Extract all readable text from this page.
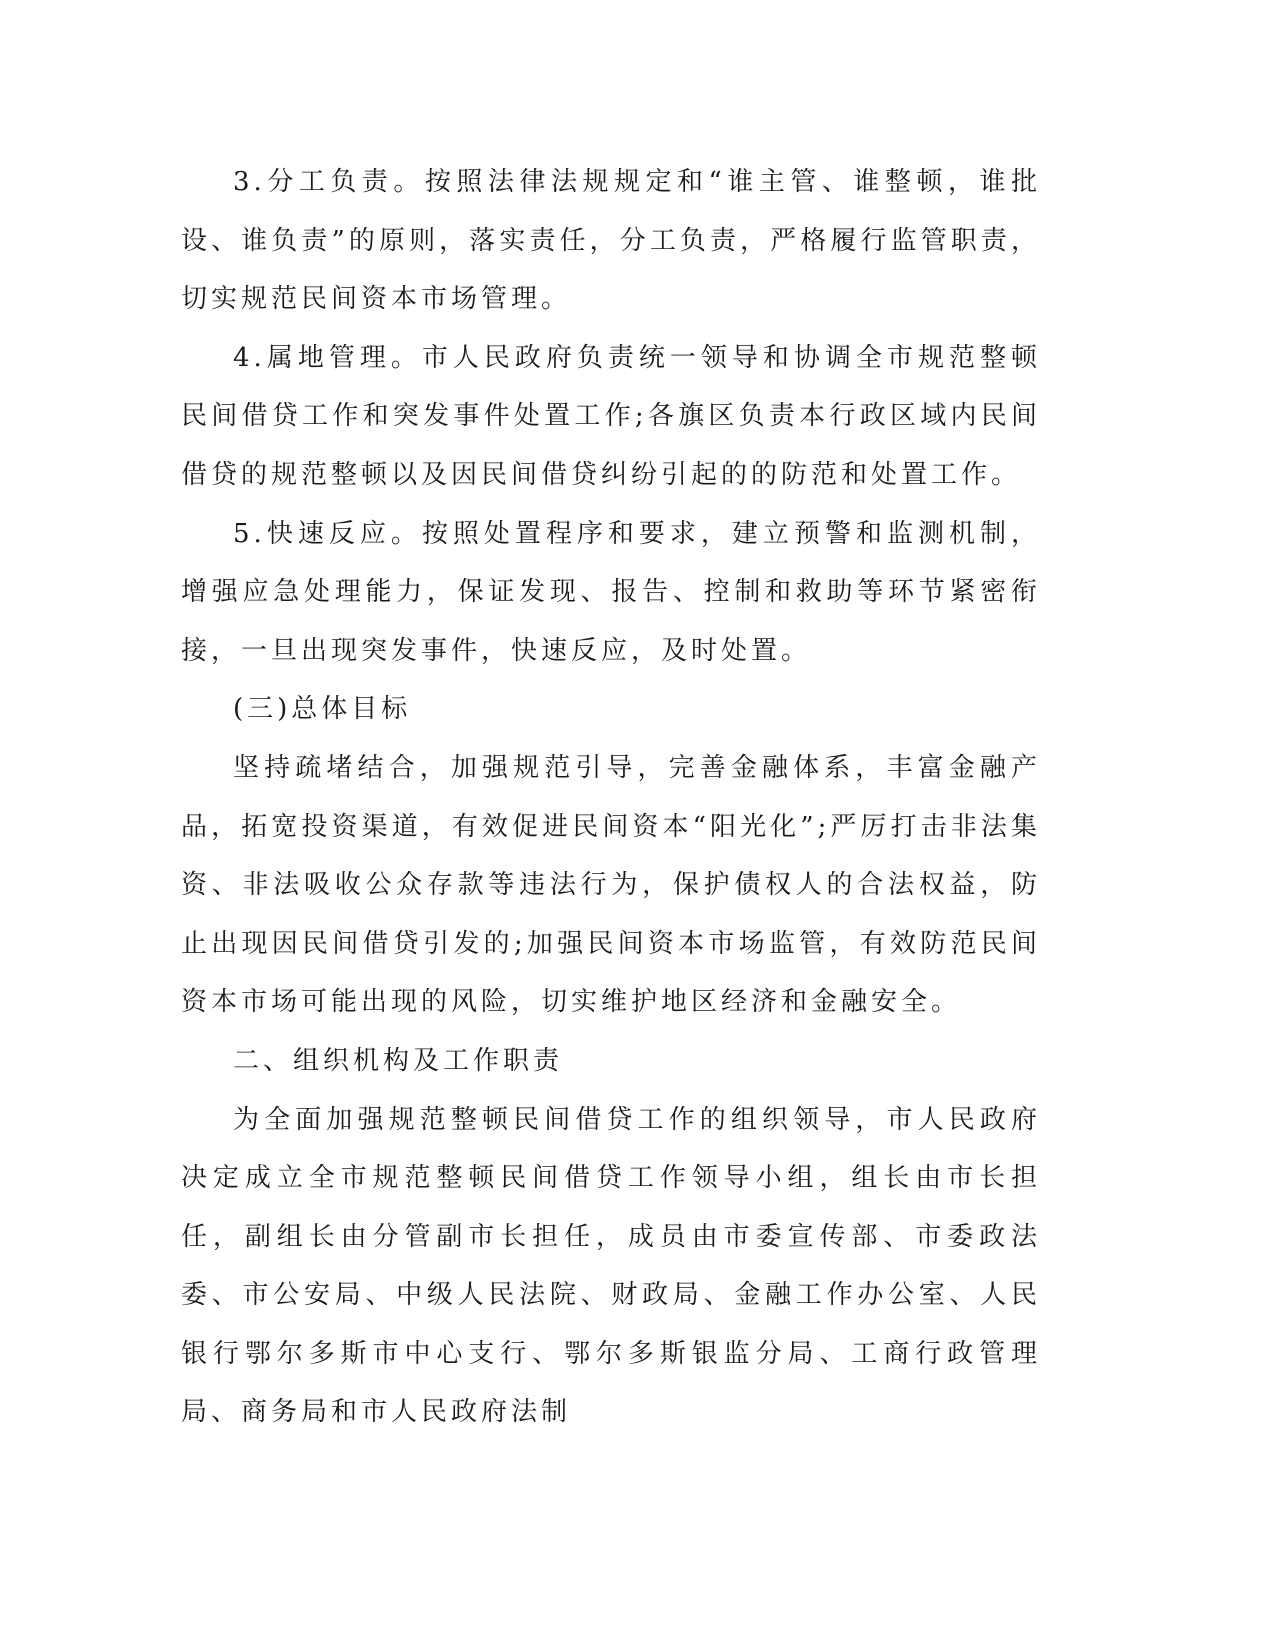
3.分工负责。按照法律法规规定和“谁主管、谁整顿，谁批设、谁负责”的原则，落实责任，分工负责，严格履行监管职责，切实规范民间资本市场管理。

4.属地管理。市人民政府负责统一领导和协调全市规范整顿民间借贷工作和突发事件处置工作;各旗区负责本行政区域内民间借贷的规范整顿以及因民间借贷纠纷引起的的防范和处置工作。

5.快速反应。按照处置程序和要求，建立预警和监测机制，增强应急处理能力，保证发现、报告、控制和救助等环节紧密衔接，一旦出现突发事件，快速反应，及时处置。

(三)总体目标

坚持疏堵结合，加强规范引导，完善金融体系，丰富金融产品，拓宽投资渠道，有效促进民间资本“阳光化”;严厉打击非法集资、非法吸收公众存款等违法行为，保护债权人的合法权益，防止出现因民间借贷引发的;加强民间资本市场监管，有效防范民间资本市场可能出现的风险，切实维护地区经济和金融安全。

二、组织机构及工作职责

为全面加强规范整顿民间借贷工作的组织领导，市人民政府决定成立全市规范整顿民间借贷工作领导小组，组长由市长担任，副组长由分管副市长担任，成员由市委宣传部、市委政法委、市公安局、中级人民法院、财政局、金融工作办公室、人民银行鄂尔多斯市中心支行、鄂尔多斯银监分局、工商行政管理局、商务局和市人民政府法制
